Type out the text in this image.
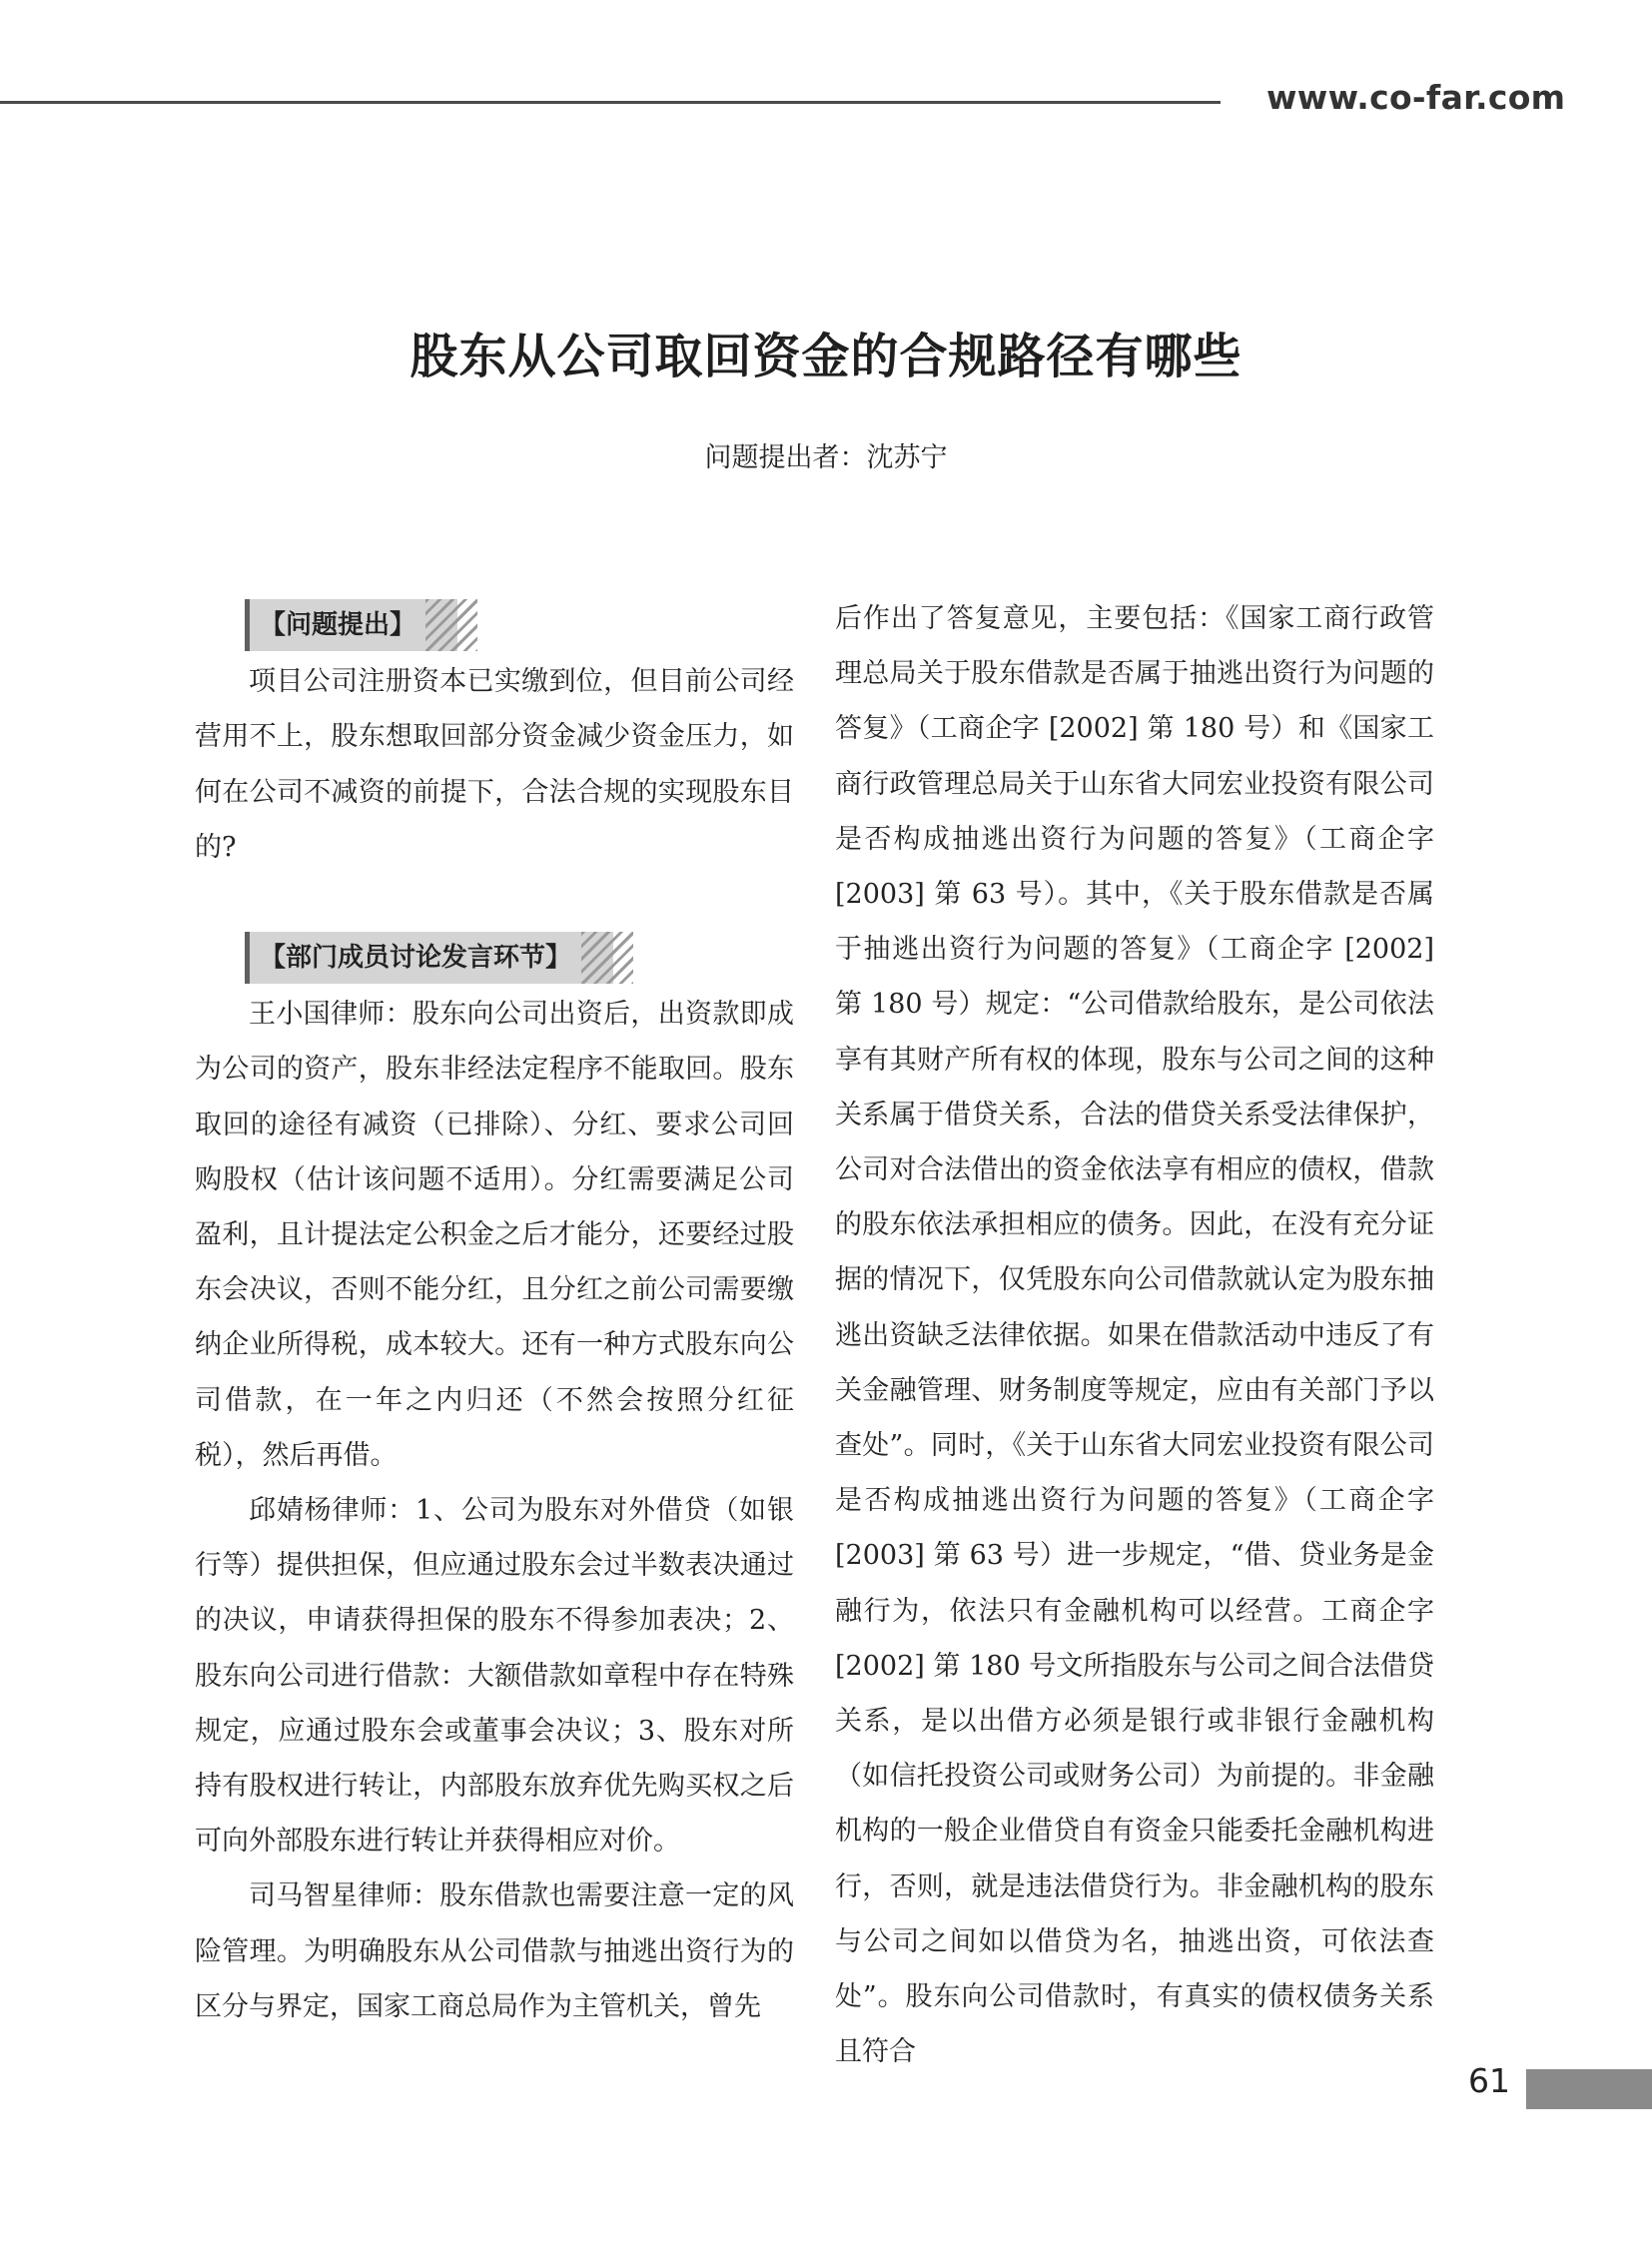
www.co-far.com
股东从公司取回资金的合规路径有哪些
问题提出者：沈苏宁
【问题提出】

项目公司注册资本已实缴到位，但目前公司经营用不上，股东想取回部分资金减少资金压力，如何在公司不减资的前提下，合法合规的实现股东目的?

【部门成员讨论发言环节】

王小国律师：股东向公司出资后，出资款即成为公司的资产，股东非经法定程序不能取回。股东取回的途径有减资（已排除）、分红、要求公司回购股权（估计该问题不适用）。分红需要满足公司盈利，且计提法定公积金之后才能分，还要经过股东会决议，否则不能分红，且分红之前公司需要缴纳企业所得税，成本较大。还有一种方式股东向公司借款，在一年之内归还（不然会按照分红征税），然后再借。

邱婧杨律师：1、公司为股东对外借贷（如银行等）提供担保，但应通过股东会过半数表决通过的决议，申请获得担保的股东不得参加表决；2、股东向公司进行借款：大额借款如章程中存在特殊规定，应通过股东会或董事会决议；3、股东对所持有股权进行转让，内部股东放弃优先购买权之后可向外部股东进行转让并获得相应对价。

司马智星律师：股东借款也需要注意一定的风险管理。为明确股东从公司借款与抽逃出资行为的区分与界定，国家工商总局作为主管机关，曾先

后作出了答复意见，主要包括：《国家工商行政管理总局关于股东借款是否属于抽逃出资行为问题的答复》（工商企字 [2002] 第 180 号）和《国家工商行政管理总局关于山东省大同宏业投资有限公司是否构成抽逃出资行为问题的答复》（工商企字 [2003] 第 63 号）。其中，《关于股东借款是否属于抽逃出资行为问题的答复》（工商企字 [2002] 第 180 号）规定：“公司借款给股东，是公司依法享有其财产所有权的体现，股东与公司之间的这种关系属于借贷关系，合法的借贷关系受法律保护，公司对合法借出的资金依法享有相应的债权，借款的股东依法承担相应的债务。因此，在没有充分证据的情况下，仅凭股东向公司借款就认定为股东抽逃出资缺乏法律依据。如果在借款活动中违反了有关金融管理、财务制度等规定，应由有关部门予以查处”。同时，《关于山东省大同宏业投资有限公司是否构成抽逃出资行为问题的答复》（工商企字 [2003] 第 63 号）进一步规定，“借、贷业务是金融行为，依法只有金融机构可以经营。工商企字 [2002] 第 180 号文所指股东与公司之间合法借贷关系，是以出借方必须是银行或非银行金融机构（如信托投资公司或财务公司）为前提的。非金融机构的一般企业借贷自有资金只能委托金融机构进行，否则，就是违法借贷行为。非金融机构的股东与公司之间如以借贷为名，抽逃出资，可依法查处”。股东向公司借款时，有真实的债权债务关系且符合

61
